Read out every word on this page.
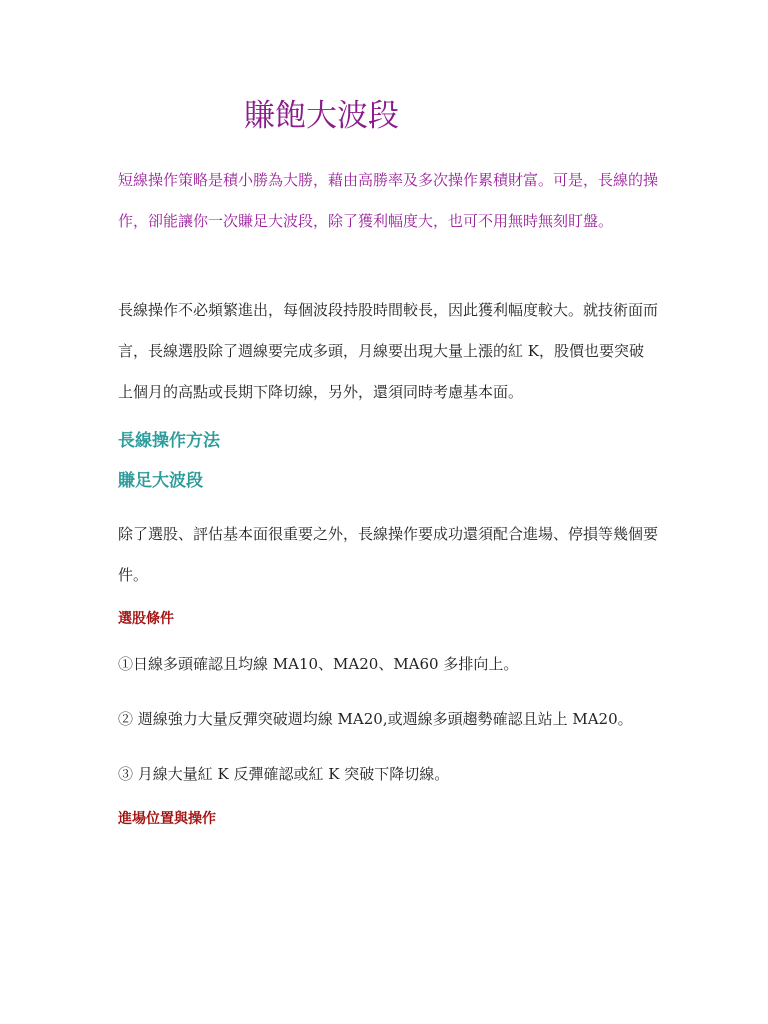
賺飽大波段

短線操作策略是積小勝為大勝，藉由高勝率及多次操作累積財富。可是，長線的操作，卻能讓你一次賺足大波段，除了獲利幅度大，也可不用無時無刻盯盤。

長線操作不必頻繁進出，每個波段持股時間較長，因此獲利幅度較大。就技術面而言，長線選股除了週線要完成多頭，月線要出現大量上漲的紅 K，股價也要突破上個月的高點或長期下降切線，另外，還須同時考慮基本面。

長線操作方法
賺足大波段

除了選股、評估基本面很重要之外，長線操作要成功還須配合進場、停損等幾個要件。

選股條件

①日線多頭確認且均線 MA10、MA20、MA60 多排向上。

② 週線強力大量反彈突破週均線 MA20,或週線多頭趨勢確認且站上 MA20。

③ 月線大量紅 K 反彈確認或紅 K 突破下降切線。

進場位置與操作
